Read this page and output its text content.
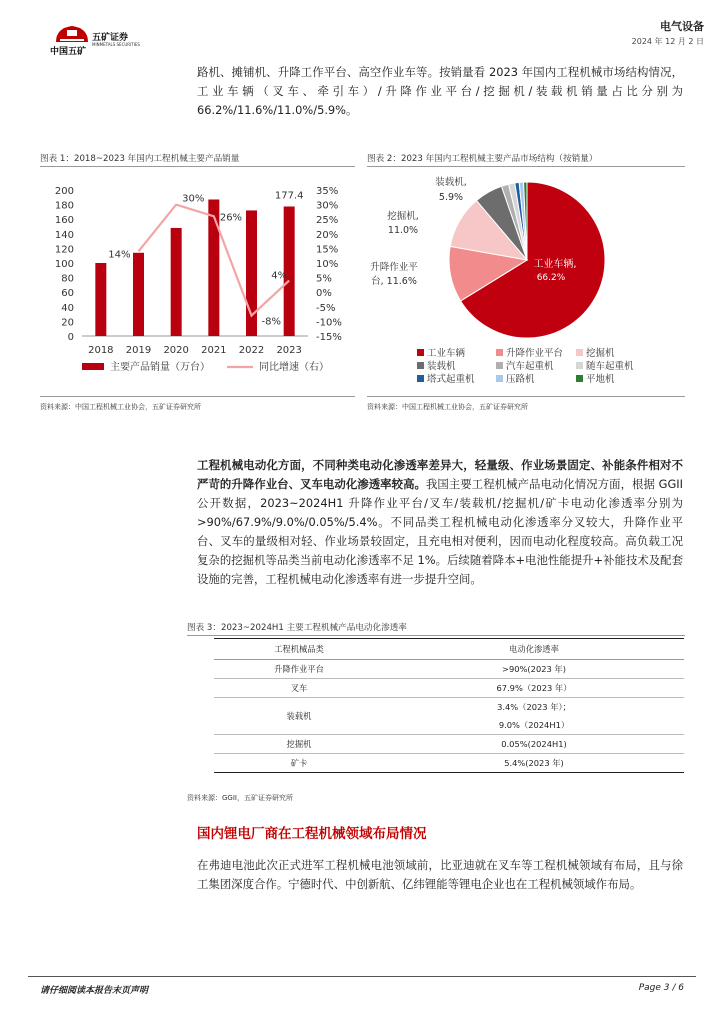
中国五矿
五矿证券
MINMETALS SECURITIES
电气设备
2024 年 12 月 2 日
路机、摊铺机、升降工作平台、高空作业车等。按销量看 2023 年国内工程机械市场结构情况，工业车辆（叉车、牵引车）/升降作业平台/挖掘机/装载机销量占比分别为 66.2%/11.6%/11.0%/5.9%。
图表 1：2018~2023 年国内工程机械主要产品销量
0
20
40
60
80
100
120
140
160
180
200
-15%
-10%
-5%
0%
5%
10%
15%
20%
25%
30%
35%
2018 2019 2020 2021 2022 2023
14%
30%
26%
-8%
4%
177.4
主要产品销量（万台）	同比增速（右）
资料来源：中国工程机械工业协会，五矿证券研究所
图表 2：2023 年国内工程机械主要产品市场结构（按销量）
工业车辆,
66.2%
升降作业平
台, 11.6%
挖掘机,
11.0%
装载机,
5.9%
工业车辆	升降作业平台 挖掘机
装载机	汽车起重机	随车起重机
塔式起重机	压路机	平地机
资料来源：中国工程机械工业协会，五矿证券研究所
工程机械电动化方面，不同种类电动化渗透率差异大，轻量级、作业场景固定、补能条件相对不严苛的升降作业台、叉车电动化渗透率较高。我国主要工程机械产品电动化情况方面，根据 GGII 公开数据，2023~2024H1 升降作业平台/叉车/装载机/挖掘机/矿卡电动化渗透率分别为>90%/67.9%/9.0%/0.05%/5.4%。不同品类工程机械电动化渗透率分叉较大，升降作业平台、叉车的量级相对轻、作业场景较固定，且充电相对便利，因而电动化程度较高。高负载工况复杂的挖掘机等品类当前电动化渗透率不足 1%。后续随着降本+电池性能提升+补能技术及配套设施的完善，工程机械电动化渗透率有进一步提升空间。
图表 3：2023~2024H1 主要工程机械产品电动化渗透率
工程机械品类	电动化渗透率
升降作业平台	>90%(2023 年)
叉车	67.9%（2023 年）
装载机	3.4%（2023 年）；
	9.0%（2024H1）
挖掘机	0.05%(2024H1)
矿卡	5.4%(2023 年)
资料来源：GGII，五矿证券研究所
国内锂电厂商在工程机械领域布局情况
在弗迪电池此次正式进军工程机械电池领域前，比亚迪就在叉车等工程机械领域有布局，且与徐工集团深度合作。宁德时代、中创新航、亿纬锂能等锂电企业也在工程机械领域作布局。
请仔细阅读本报告末页声明	Page 3 / 6
